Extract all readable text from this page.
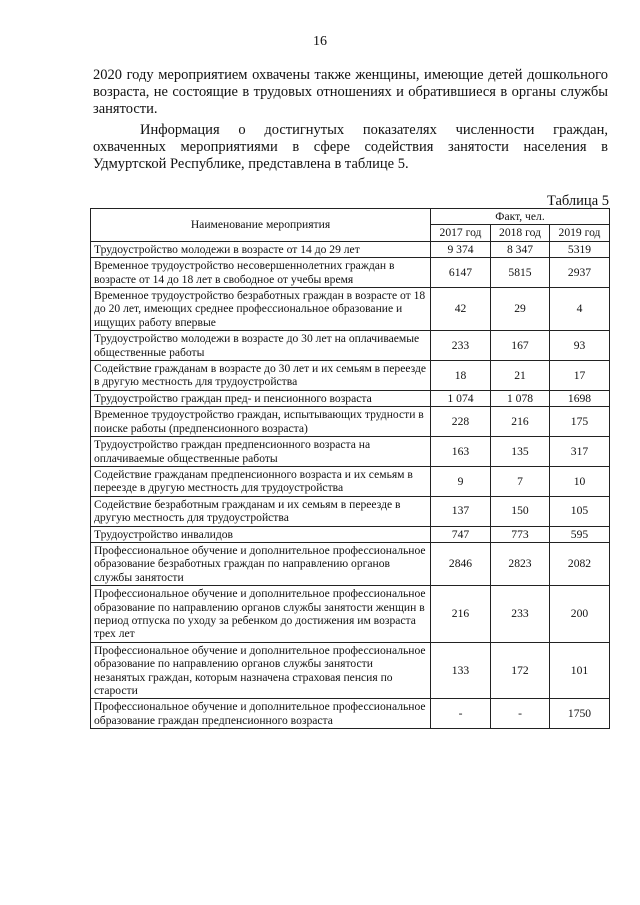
16

2020 году мероприятием охвачены также женщины, имеющие детей дошкольного возраста, не состоящие в трудовых отношениях и обратившиеся в органы службы занятости.

Информация о достигнутых показателях численности граждан, охваченных мероприятиями в сфере содействия занятости населения в Удмуртской Республике, представлена в таблице 5.

Таблица 5
Наименование мероприятия	Факт, чел.		
	2017 год	2018 год	2019 год
Трудоустройство молодежи в возрасте от 14 до 29 лет	9 374	8 347	5319
Временное трудоустройство несовершеннолетних граждан в возрасте от 14 до 18 лет в свободное от учебы время	6147	5815	2937
Временное трудоустройство безработных граждан в возрасте от 18 до 20 лет, имеющих среднее профессиональное образование и ищущих работу впервые	42	29	4
Трудоустройство молодежи в возрасте до 30 лет на оплачиваемые общественные работы	233	167	93
Содействие гражданам в возрасте до 30 лет и их семьям в переезде в другую местность для трудоустройства	18	21	17
Трудоустройство граждан пред- и пенсионного возраста	1 074	1 078	1698
Временное трудоустройство граждан, испытывающих трудности в поиске работы (предпенсионного возраста)	228	216	175
Трудоустройство граждан предпенсионного возраста на оплачиваемые общественные работы	163	135	317
Содействие гражданам предпенсионного возраста и их семьям в переезде в другую местность для трудоустройства	9	7	10
Содействие безработным гражданам и их семьям в переезде в другую местность для трудоустройства	137	150	105
Трудоустройство инвалидов	747	773	595
Профессиональное обучение и дополнительное профессиональное образование безработных граждан по направлению органов службы занятости	2846	2823	2082
Профессиональное обучение и дополнительное профессиональное образование по направлению органов службы занятости женщин в период отпуска по уходу за ребенком до достижения им возраста трех лет	216	233	200
Профессиональное обучение и дополнительное профессиональное образование по направлению органов службы занятости незанятых граждан, которым назначена страховая пенсия по старости	133	172	101
Профессиональное обучение и дополнительное профессиональное образование граждан предпенсионного возраста	-	-	1750
